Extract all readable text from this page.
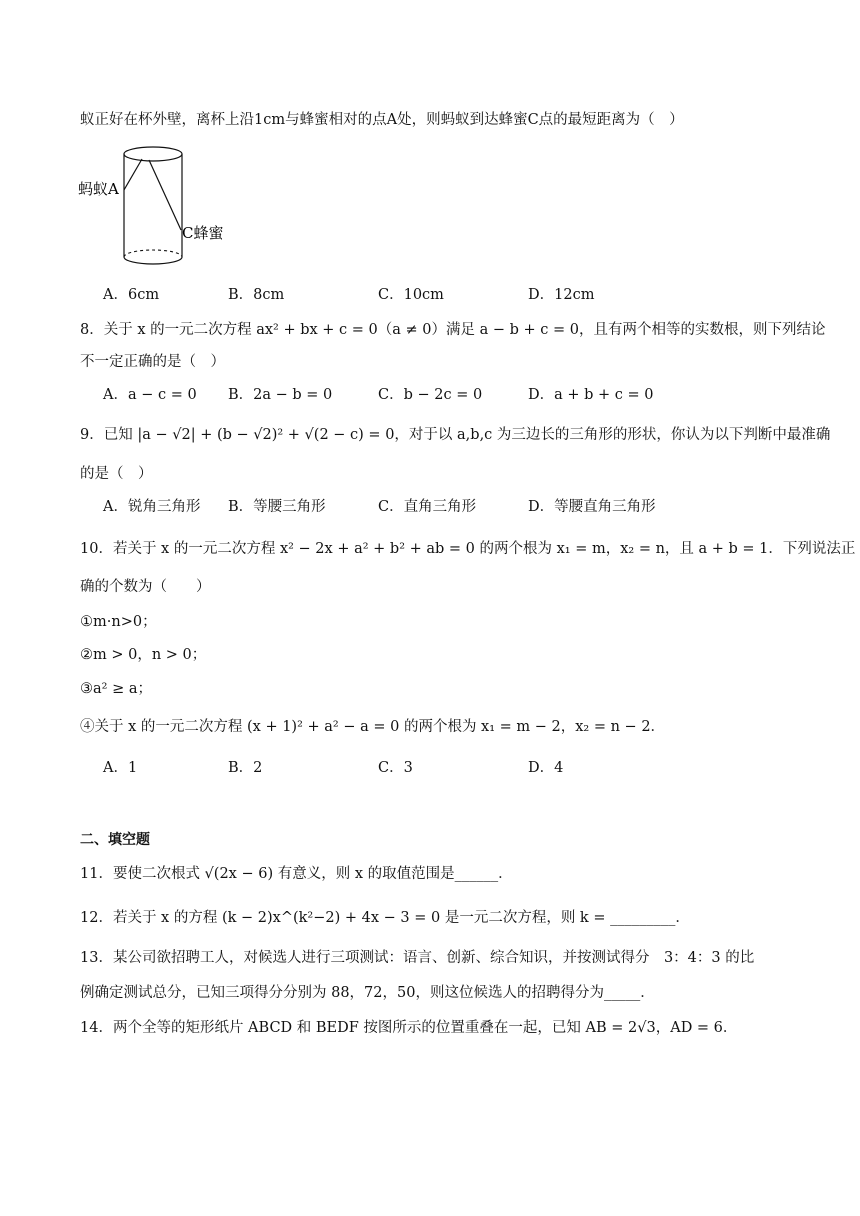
蚁正好在杯外壁，离杯上沿1cm与蜂蜜相对的点A处，则蚂蚁到达蜂蜜C点的最短距离为（　）
蚂蚁A
C蜂蜜
A．6cm	B．8cm	C．10cm	D．12cm
8．关于 x 的一元二次方程 ax² + bx + c = 0（a ≠ 0）满足 a − b + c = 0，且有两个相等的实数根，则下列结论
不一定正确的是（　）
A．a − c = 0 B．2a − b = 0	C．b − 2c = 0	D．a + b + c = 0
9．已知 |a − √2| + (b − √2)² + √(2 − c) = 0，对于以 a,b,c 为三边长的三角形的形状，你认为以下判断中最准确
的是（　）
A．锐角三角形 B．等腰三角形	C．直角三角形	D．等腰直角三角形
10．若关于 x 的一元二次方程 x² − 2x + a² + b² + ab = 0 的两个根为 x₁ = m，x₂ = n，且 a + b = 1．下列说法正
确的个数为（　　）
①m·n>0；
②m > 0，n > 0；
③a² ≥ a；
④关于 x 的一元二次方程 (x + 1)² + a² − a = 0 的两个根为 x₁ = m − 2，x₂ = n − 2．
A．1	B．2	C．3	D．4
二、填空题
11．要使二次根式 √(2x − 6) 有意义，则 x 的取值范围是______．
12．若关于 x 的方程 (k − 2)x^(k²−2) + 4x − 3 = 0 是一元二次方程，则 k = _________．
13．某公司欲招聘工人，对候选人进行三项测试：语言、创新、综合知识，并按测试得分　3：4：3 的比
例确定测试总分，已知三项得分分别为 88，72，50，则这位候选人的招聘得分为_____．
14．两个全等的矩形纸片 ABCD 和 BEDF 按图所示的位置重叠在一起，已知 AB = 2√3，AD = 6．
